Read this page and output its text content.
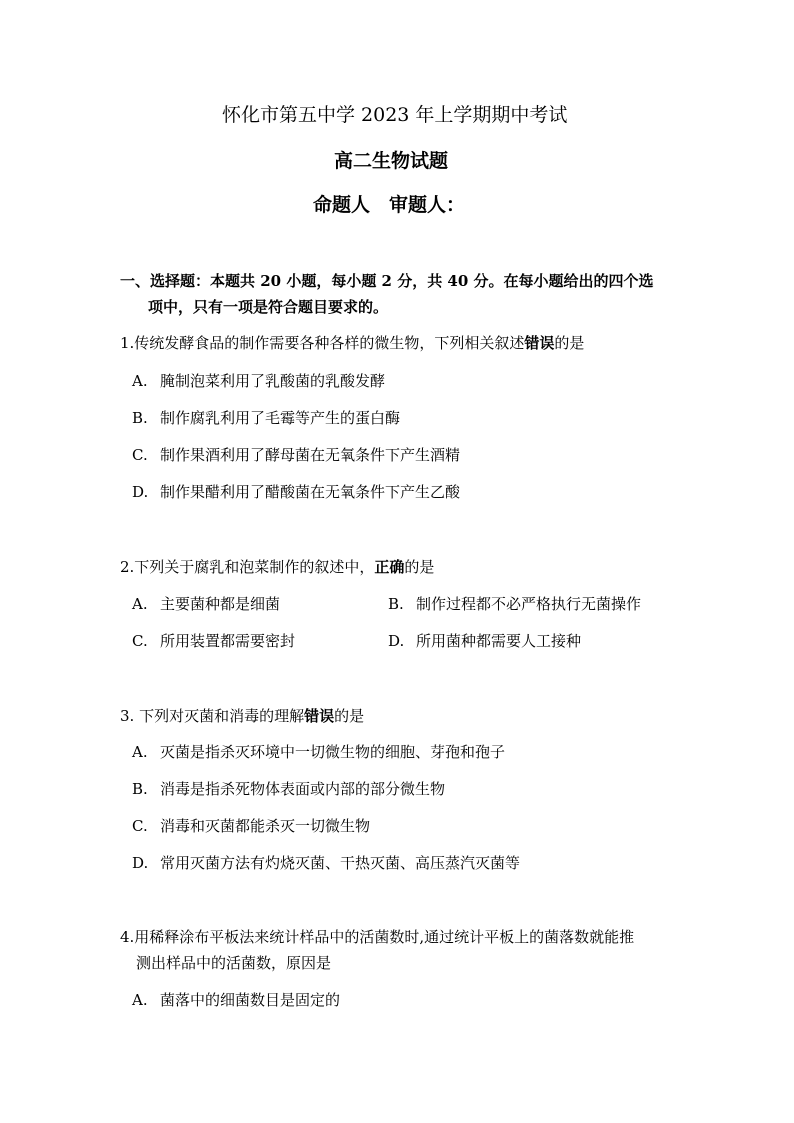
怀化市第五中学 2023 年上学期期中考试
高二生物试题
命题人　审题人：
一、选择题：本题共 20 小题，每小题 2 分，共 40 分。在每小题给出的四个选
项中，只有一项是符合题目要求的。
1.传统发酵食品的制作需要各种各样的微生物，下列相关叙述错误的是
A. 腌制泡菜利用了乳酸菌的乳酸发酵
B. 制作腐乳利用了毛霉等产生的蛋白酶
C. 制作果酒利用了酵母菌在无氧条件下产生酒精
D. 制作果醋利用了醋酸菌在无氧条件下产生乙酸
2.下列关于腐乳和泡菜制作的叙述中，正确的是
A. 主要菌种都是细菌	B. 制作过程都不必严格执行无菌操作
C. 所用装置都需要密封	D. 所用菌种都需要人工接种
3. 下列对灭菌和消毒的理解错误的是
A. 灭菌是指杀灭环境中一切微生物的细胞、芽孢和孢子
B. 消毒是指杀死物体表面或内部的部分微生物
C. 消毒和灭菌都能杀灭一切微生物
D. 常用灭菌方法有灼烧灭菌、干热灭菌、高压蒸汽灭菌等
4.用稀释涂布平板法来统计样品中的活菌数时,通过统计平板上的菌落数就能推
测出样品中的活菌数，原因是
A. 菌落中的细菌数目是固定的
